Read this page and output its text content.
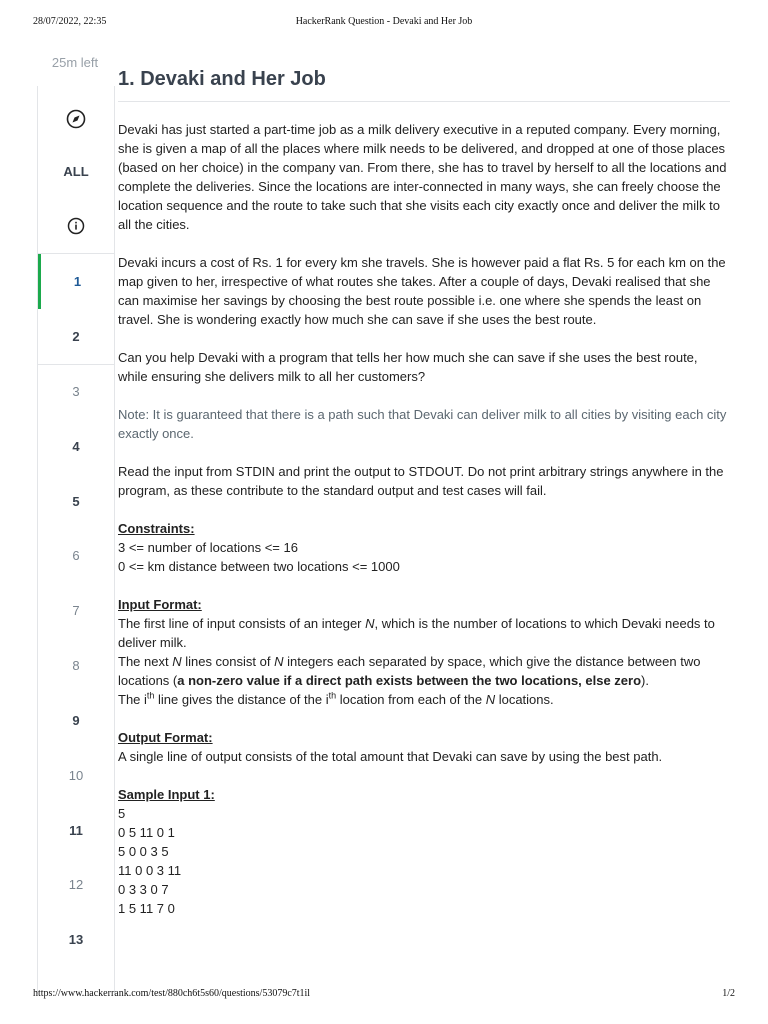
28/07/2022, 22:35	HackerRank Question - Devaki and Her Job
25m left
ALL
1
2
3
4
5
6
7
8
9
10
11
12
13
1. Devaki and Her Job

Devaki has just started a part-time job as a milk delivery executive in a reputed company. Every morning, she is given a map of all the places where milk needs to be delivered, and dropped at one of those places (based on her choice) in the company van. From there, she has to travel by herself to all the locations and complete the deliveries. Since the locations are inter-connected in many ways, she can freely choose the location sequence and the route to take such that she visits each city exactly once and deliver the milk to all the cities.

Devaki incurs a cost of Rs. 1 for every km she travels. She is however paid a flat Rs. 5 for each km on the map given to her, irrespective of what routes she takes. After a couple of days, Devaki realised that she can maximise her savings by choosing the best route possible i.e. one where she spends the least on travel. She is wondering exactly how much she can save if she uses the best route.

Can you help Devaki with a program that tells her how much she can save if she uses the best route, while ensuring she delivers milk to all her customers?

Note: It is guaranteed that there is a path such that Devaki can deliver milk to all cities by visiting each city exactly once.

Read the input from STDIN and print the output to STDOUT. Do not print arbitrary strings anywhere in the program, as these contribute to the standard output and test cases will fail.

Constraints:
3 <= number of locations <= 16
0 <= km distance between two locations <= 1000

Input Format:
The first line of input consists of an integer N, which is the number of locations to which Devaki needs to deliver milk.
The next N lines consist of N integers each separated by space, which give the distance between two locations (a non-zero value if a direct path exists between the two locations, else zero).
The $i^{th}$ line gives the distance of the $i^{th}$ location from each of the N locations.

Output Format:
A single line of output consists of the total amount that Devaki can save by using the best path.

Sample Input 1:
5
0 5 11 0 1
5 0 0 3 5
11 0 0 3 11
0 3 3 0 7
1 5 11 7 0

https://www.hackerrank.com/test/880ch6t5s60/questions/53079c7t1il	1/2
